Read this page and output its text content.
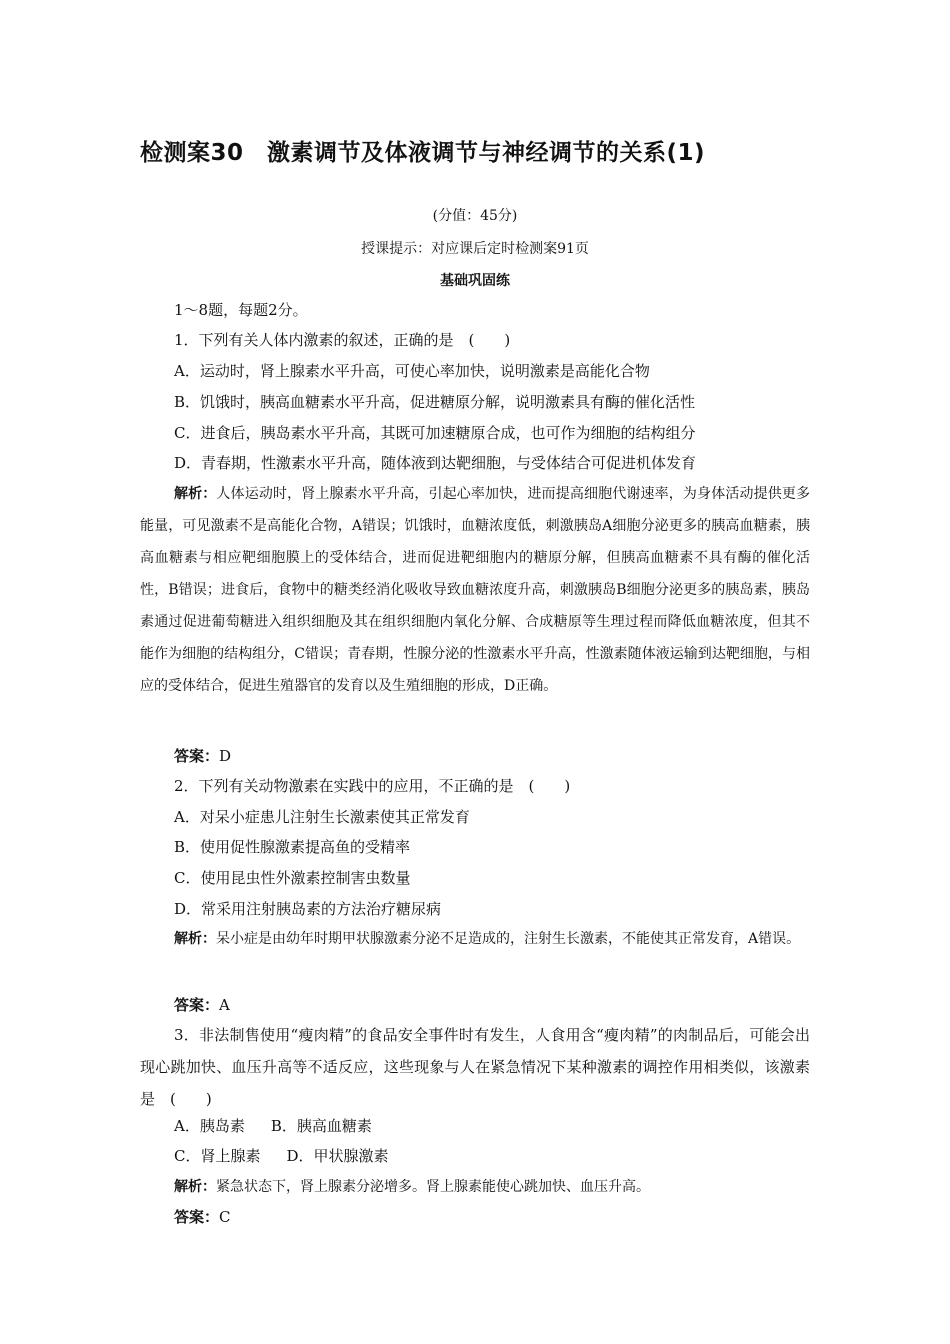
检测案30　激素调节及体液调节与神经调节的关系(1)
(分值：45分)
授课提示：对应课后定时检测案91页
基础巩固练
1～8题，每题2分。
1．下列有关人体内激素的叙述，正确的是　(　　)
A．运动时，肾上腺素水平升高，可使心率加快，说明激素是高能化合物
B．饥饿时，胰高血糖素水平升高，促进糖原分解，说明激素具有酶的催化活性
C．进食后，胰岛素水平升高，其既可加速糖原合成，也可作为细胞的结构组分
D．青春期，性激素水平升高，随体液到达靶细胞，与受体结合可促进机体发育
解析：人体运动时，肾上腺素水平升高，引起心率加快，进而提高细胞代谢速率，为身体活动提供更多能量，可见激素不是高能化合物，A错误；饥饿时，血糖浓度低，刺激胰岛A细胞分泌更多的胰高血糖素，胰高血糖素与相应靶细胞膜上的受体结合，进而促进靶细胞内的糖原分解，但胰高血糖素不具有酶的催化活性，B错误；进食后，食物中的糖类经消化吸收导致血糖浓度升高，刺激胰岛B细胞分泌更多的胰岛素，胰岛素通过促进葡萄糖进入组织细胞及其在组织细胞内氧化分解、合成糖原等生理过程而降低血糖浓度，但其不能作为细胞的结构组分，C错误；青春期，性腺分泌的性激素水平升高，性激素随体液运输到达靶细胞，与相应的受体结合，促进生殖器官的发育以及生殖细胞的形成，D正确。
答案：D
2．下列有关动物激素在实践中的应用，不正确的是　(　　)
A．对呆小症患儿注射生长激素使其正常发育
B．使用促性腺激素提高鱼的受精率
C．使用昆虫性外激素控制害虫数量
D．常采用注射胰岛素的方法治疗糖尿病
解析：呆小症是由幼年时期甲状腺激素分泌不足造成的，注射生长激素，不能使其正常发育，A错误。
答案：A
3．非法制售使用“瘦肉精”的食品安全事件时有发生，人食用含“瘦肉精”的肉制品后，可能会出现心跳加快、血压升高等不适反应，这些现象与人在紧急情况下某种激素的调控作用相类似，该激素是　(　　)
A．胰岛素 B．胰高血糖素
C．肾上腺素 D．甲状腺激素
解析：紧急状态下，肾上腺素分泌增多。肾上腺素能使心跳加快、血压升高。
答案：C
